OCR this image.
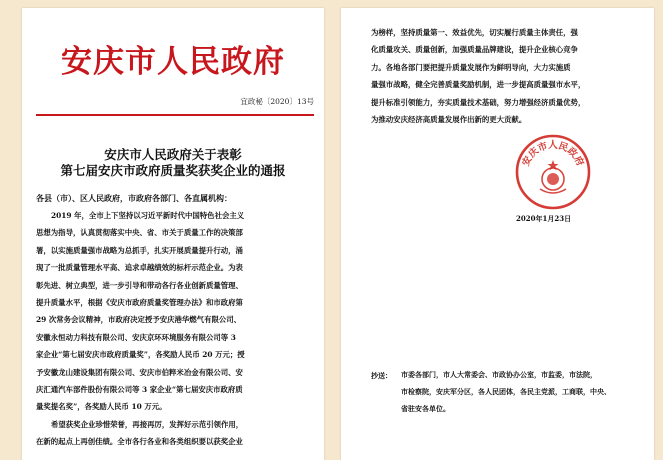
安庆市人民政府
宜政秘〔2020〕13号
安庆市人民政府关于表彰
第七届安庆市政府质量奖获奖企业的通报
各县（市）、区人民政府，市政府各部门、各直属机构：
2019 年，全市上下坚持以习近平新时代中国特色社会主义
思想为指导，认真贯彻落实中央、省、市关于质量工作的决策部
署，以实施质量强市战略为总抓手，扎实开展质量提升行动，涌
现了一批质量管理水平高、追求卓越绩效的标杆示范企业。为表
彰先进、树立典型，进一步引导和带动各行各业创新质量管理、
提升质量水平，根据《安庆市政府质量奖管理办法》和市政府第
29 次常务会议精神，市政府决定授予安庆港华燃气有限公司、
安徽永恒动力科技有限公司、安庆京环环境服务有限公司等 3
家企业“第七届安庆市政府质量奖”，各奖励人民币 20 万元；授
予安徽龙山建设集团有限公司、安庆市伯粹米冶金有限公司、安
庆汇通汽车部件股份有限公司等 3 家企业“第七届安庆市政府质
量奖提名奖”，各奖励人民币 10 万元。
希望获奖企业珍惜荣誉，再接再厉，发挥好示范引领作用，
在新的起点上再创佳绩。全市各行各业和各类组织要以获奖企业
为榜样，坚持质量第一、效益优先，切实履行质量主体责任，强
化质量攻关、质量创新，加强质量品牌建设，提升企业核心竞争
力。各地各部门要把提升质量发展作为鲜明导向，大力实施质
量强市战略，健全完善质量奖励机制，进一步提高质量强市水平，
提升标准引领能力，夯实质量技术基础，努力增强经济质量优势，
为推动安庆经济高质量发展作出新的更大贡献。
安庆市人民政府
2020年1月23日
抄送： 市委各部门，市人大常委会、市政协办公室，市监委，市法院，
市检察院，安庆军分区，各人民团体，各民主党派，工商联，中央、
省驻安各单位。
